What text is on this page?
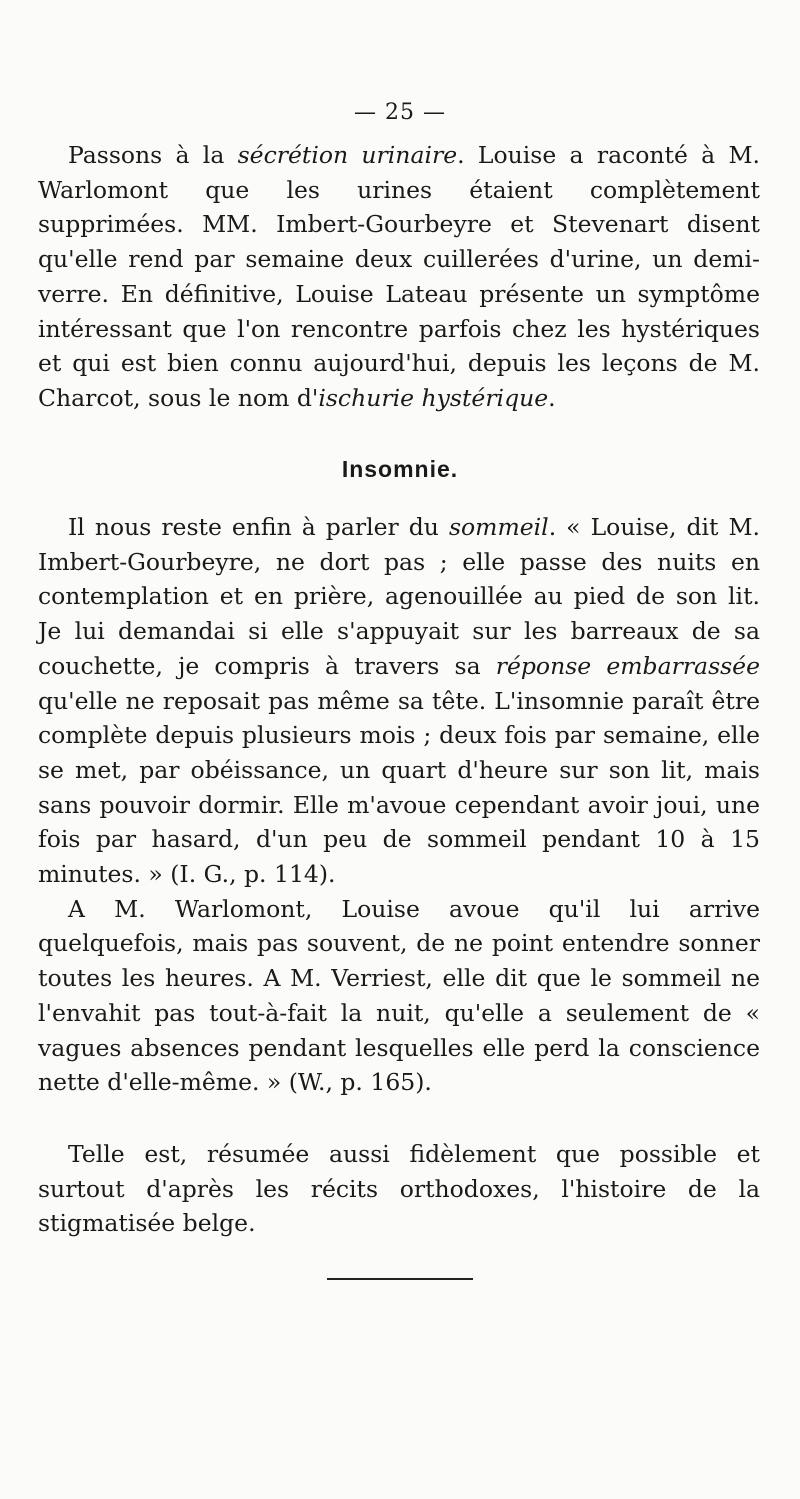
— 25 —

Passons à la sécrétion urinaire. Louise a raconté à M. Warlomont que les urines étaient complètement supprimées. MM. Imbert-Gourbeyre et Stevenart disent qu'elle rend par semaine deux cuillerées d'urine, un demi-verre. En définitive, Louise Lateau présente un symptôme intéressant que l'on rencontre parfois chez les hystériques et qui est bien connu aujourd'hui, depuis les leçons de M. Charcot, sous le nom d'ischurie hystérique.

Insomnie.

Il nous reste enfin à parler du sommeil. « Louise, dit M. Imbert-Gourbeyre, ne dort pas ; elle passe des nuits en contemplation et en prière, agenouillée au pied de son lit. Je lui demandai si elle s'appuyait sur les barreaux de sa couchette, je compris à travers sa réponse embarrassée qu'elle ne reposait pas même sa tête. L'insomnie paraît être complète depuis plusieurs mois ; deux fois par semaine, elle se met, par obéissance, un quart d'heure sur son lit, mais sans pouvoir dormir. Elle m'avoue cependant avoir joui, une fois par hasard, d'un peu de sommeil pendant 10 à 15 minutes. » (I. G., p. 114).

A M. Warlomont, Louise avoue qu'il lui arrive quelquefois, mais pas souvent, de ne point entendre sonner toutes les heures. A M. Verriest, elle dit que le sommeil ne l'envahit pas tout-à-fait la nuit, qu'elle a seulement de « vagues absences pendant lesquelles elle perd la conscience nette d'elle-même. » (W., p. 165).

Telle est, résumée aussi fidèlement que possible et surtout d'après les récits orthodoxes, l'histoire de la stigmatisée belge.
